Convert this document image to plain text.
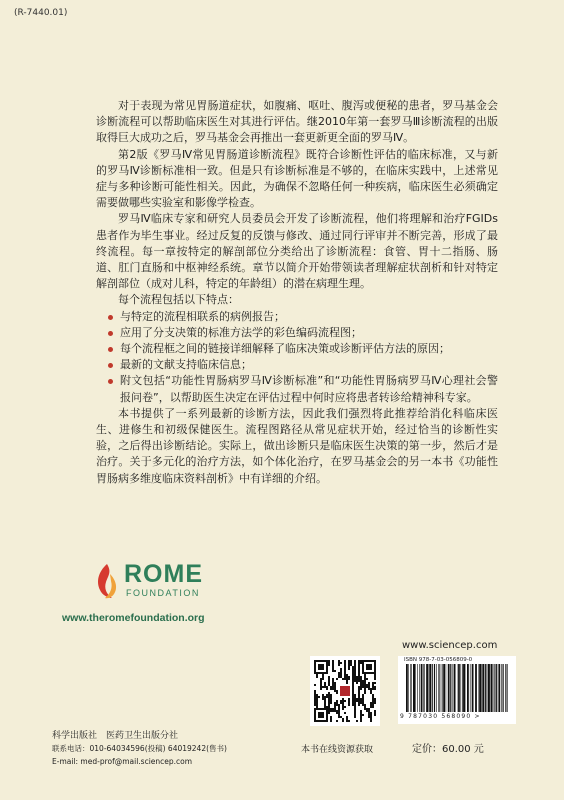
(R-7440.01)

对于表现为常见胃肠道症状，如腹痛、呕吐、腹泻或便秘的患者，罗马基金会诊断流程可以帮助临床医生对其进行评估。继2010年第一套罗马Ⅲ诊断流程的出版取得巨大成功之后，罗马基金会再推出一套更新更全面的罗马Ⅳ。

第2版《罗马Ⅳ常见胃肠道诊断流程》既符合诊断性评估的临床标准，又与新的罗马Ⅳ诊断标准相一致。但是只有诊断标准是不够的，在临床实践中，上述常见症与多种诊断可能性相关。因此，为确保不忽略任何一种疾病，临床医生必须确定需要做哪些实验室和影像学检查。

罗马Ⅳ临床专家和研究人员委员会开发了诊断流程，他们将理解和治疗FGIDs患者作为毕生事业。经过反复的反馈与修改、通过同行评审并不断完善，形成了最终流程。每一章按特定的解剖部位分类给出了诊断流程：食管、胃十二指肠、肠道、肛门直肠和中枢神经系统。章节以简介开始带领读者理解症状剖析和针对特定解剖部位（成对儿科，特定的年龄组）的潜在病理生理。

每个流程包括以下特点：

与特定的流程相联系的病例报告；
应用了分支决策的标准方法学的彩色编码流程图；
每个流程框之间的链接详细解释了临床决策或诊断评估方法的原因；
最新的文献支持临床信息；
附文包括“功能性胃肠病罗马Ⅳ诊断标准”和“功能性胃肠病罗马Ⅳ心理社会警报问卷”，以帮助医生决定在评估过程中何时应将患者转诊给精神科专家。

本书提供了一系列最新的诊断方法，因此我们强烈将此推荐给消化科临床医生、进修生和初级保健医生。流程图路径从常见症状开始，经过恰当的诊断性实验，之后得出诊断结论。实际上，做出诊断只是临床医生决策的第一步，然后才是治疗。关于多元化的治疗方法，如个体化治疗，在罗马基金会的另一本书《功能性胃肠病多维度临床资料剖析》中有详细的介绍。

ROME
FOUNDATION
www.theromefoundation.org
www.sciencep.com
ISBN 978-7-03-056809-0
9 787030 568090 >
本书在线资源获取	定价：60.00 元
科学出版社　医药卫生出版分社
联系电话：010-64034596(投稿) 64019242(售书)
E-mail: med-prof@mail.sciencep.com
